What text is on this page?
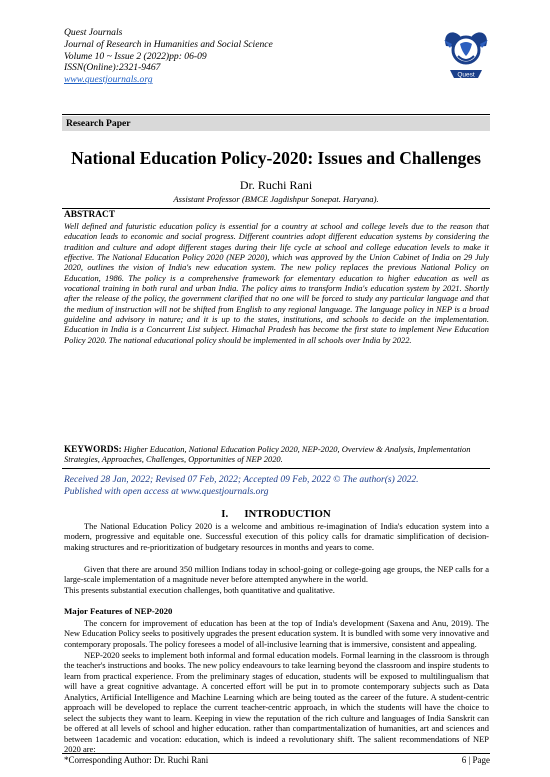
Quest Journals
Journal of Research in Humanities and Social Science
Volume 10 ~ Issue 2 (2022)pp: 06-09
ISSN(Online):2321-9467
www.questjournals.org	Quest
Research Paper
National Education Policy-2020: Issues and Challenges
Dr. Ruchi Rani
Assistant Professor (BMCE Jagdishpur Sonepat. Haryana).
ABSTRACT
Well defined and futuristic education policy is essential for a country at school and college levels due to the reason that education leads to economic and social progress. Different countries adopt different education systems by considering the tradition and culture and adopt different stages during their life cycle at school and college education levels to make it effective. The National Education Policy 2020 (NEP 2020), which was approved by the Union Cabinet of India on 29 July 2020, outlines the vision of India's new education system. The new policy replaces the previous National Policy on Education, 1986. The policy is a comprehensive framework for elementary education to higher education as well as vocational training in both rural and urban India. The policy aims to transform India's education system by 2021. Shortly after the release of the policy, the government clarified that no one will be forced to study any particular language and that the medium of instruction will not be shifted from English to any regional language. The language policy in NEP is a broad guideline and advisory in nature; and it is up to the states, institutions, and schools to decide on the implementation. Education in India is a Concurrent List subject. Himachal Pradesh has become the first state to implement New Education Policy 2020. The national educational policy should be implemented in all schools over India by 2022.
KEYWORDS: Higher Education, National Education Policy 2020, NEP-2020, Overview & Analysis, Implementation Strategies, Approaches, Challenges, Opportunities of NEP 2020.
Received 28 Jan, 2022; Revised 07 Feb, 2022; Accepted 09 Feb, 2022 © The author(s) 2022.
Published with open access at www.questjournals.org
I.      INTRODUCTION
The National Education Policy 2020 is a welcome and ambitious re-imagination of India's education system into a modern, progressive and equitable one. Successful execution of this policy calls for dramatic simplification of decision-making structures and re-prioritization of budgetary resources in months and years to come.
Given that there are around 350 million Indians today in school-going or college-going age groups, the NEP calls for a large-scale implementation of a magnitude never before attempted anywhere in the world.
This presents substantial execution challenges, both quantitative and qualitative.
Major Features of NEP-2020
The concern for improvement of education has been at the top of India's development (Saxena and Anu, 2019). The New Education Policy seeks to positively upgrades the present education system. It is bundled with some very innovative and contemporary proposals. The policy foresees a model of all-inclusive learning that is immersive, consistent and appealing.
NEP-2020 seeks to implement both informal and formal education models. Formal learning in the classroom is through the teacher's instructions and books. The new policy endeavours to take learning beyond the classroom and inspire students to learn from practical experience. From the preliminary stages of education, students will be exposed to multilingualism that will have a great cognitive advantage. A concerted effort will be put in to promote contemporary subjects such as Data Analytics, Artificial Intelligence and Machine Learning which are being touted as the career of the future. A student-centric approach will be developed to replace the current teacher-centric approach, in which the students will have the choice to select the subjects they want to learn. Keeping in view the reputation of the rich culture and languages of India Sanskrit can be offered at all levels of school and higher education. rather than compartmentalization of humanities, art and sciences and between 1academic and vocation: education, which is indeed a revolutionary shift. The salient recommendations of NEP 2020 are:
*Corresponding Author: Dr. Ruchi Rani	6 | Page
